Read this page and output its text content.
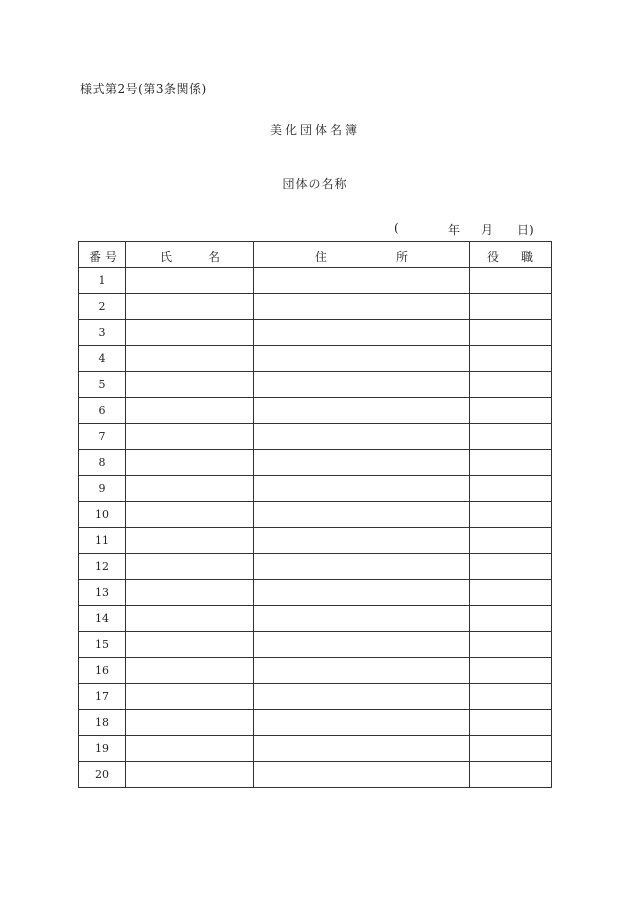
様式第2号(第3条関係)
美化団体名簿
団体の名称
(	年 月 日)
番 号	氏 名	住 所	役 職

1			
2			
3			
4			
5			
6			
7			
8			
9			
10			
11			
12			
13			
14			
15			
16			
17			
18			
19			
20			
